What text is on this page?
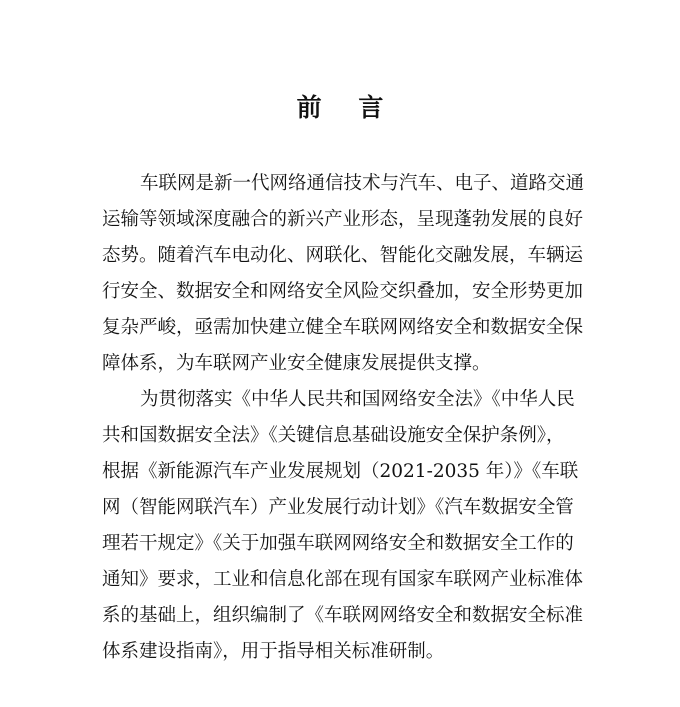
前 言
车联网是新一代网络通信技术与汽车、电子、道路交通
运输等领域深度融合的新兴产业形态，呈现蓬勃发展的良好
态势。随着汽车电动化、网联化、智能化交融发展，车辆运
行安全、数据安全和网络安全风险交织叠加，安全形势更加
复杂严峻，亟需加快建立健全车联网网络安全和数据安全保
障体系，为车联网产业安全健康发展提供支撑。
为贯彻落实《中华人民共和国网络安全法》《中华人民
共和国数据安全法》《关键信息基础设施安全保护条例》，
根据《新能源汽车产业发展规划（2021-2035 年）》《车联
网（智能网联汽车）产业发展行动计划》《汽车数据安全管
理若干规定》《关于加强车联网网络安全和数据安全工作的
通知》要求，工业和信息化部在现有国家车联网产业标准体
系的基础上，组织编制了《车联网网络安全和数据安全标准
体系建设指南》，用于指导相关标准研制。
